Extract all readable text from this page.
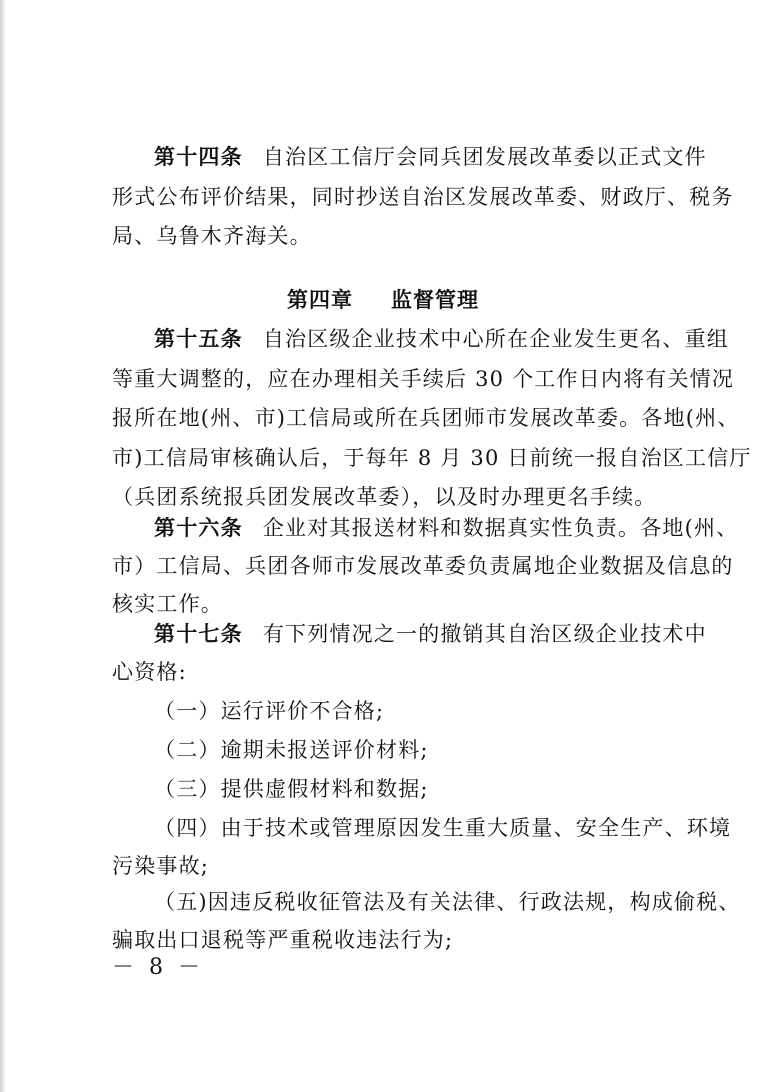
第十四条 自治区工信厅会同兵团发展改革委以正式文件
形式公布评价结果，同时抄送自治区发展改革委、财政厅、税务
局、乌鲁木齐海关。
第四章 监督管理
第十五条 自治区级企业技术中心所在企业发生更名、重组
等重大调整的，应在办理相关手续后 30 个工作日内将有关情况
报所在地(州、市)工信局或所在兵团师市发展改革委。各地(州、
市)工信局审核确认后，于每年 8 月 30 日前统一报自治区工信厅
（兵团系统报兵团发展改革委），以及时办理更名手续。
第十六条 企业对其报送材料和数据真实性负责。各地(州、
市）工信局、兵团各师市发展改革委负责属地企业数据及信息的
核实工作。
第十七条 有下列情况之一的撤销其自治区级企业技术中
心资格:
（一）运行评价不合格;
（二）逾期未报送评价材料;
（三）提供虚假材料和数据;
（四）由于技术或管理原因发生重大质量、安全生产、环境
污染事故;
（五)因违反税收征管法及有关法律、行政法规，构成偷税、
骗取出口退税等严重税收违法行为;
－ 8 －
